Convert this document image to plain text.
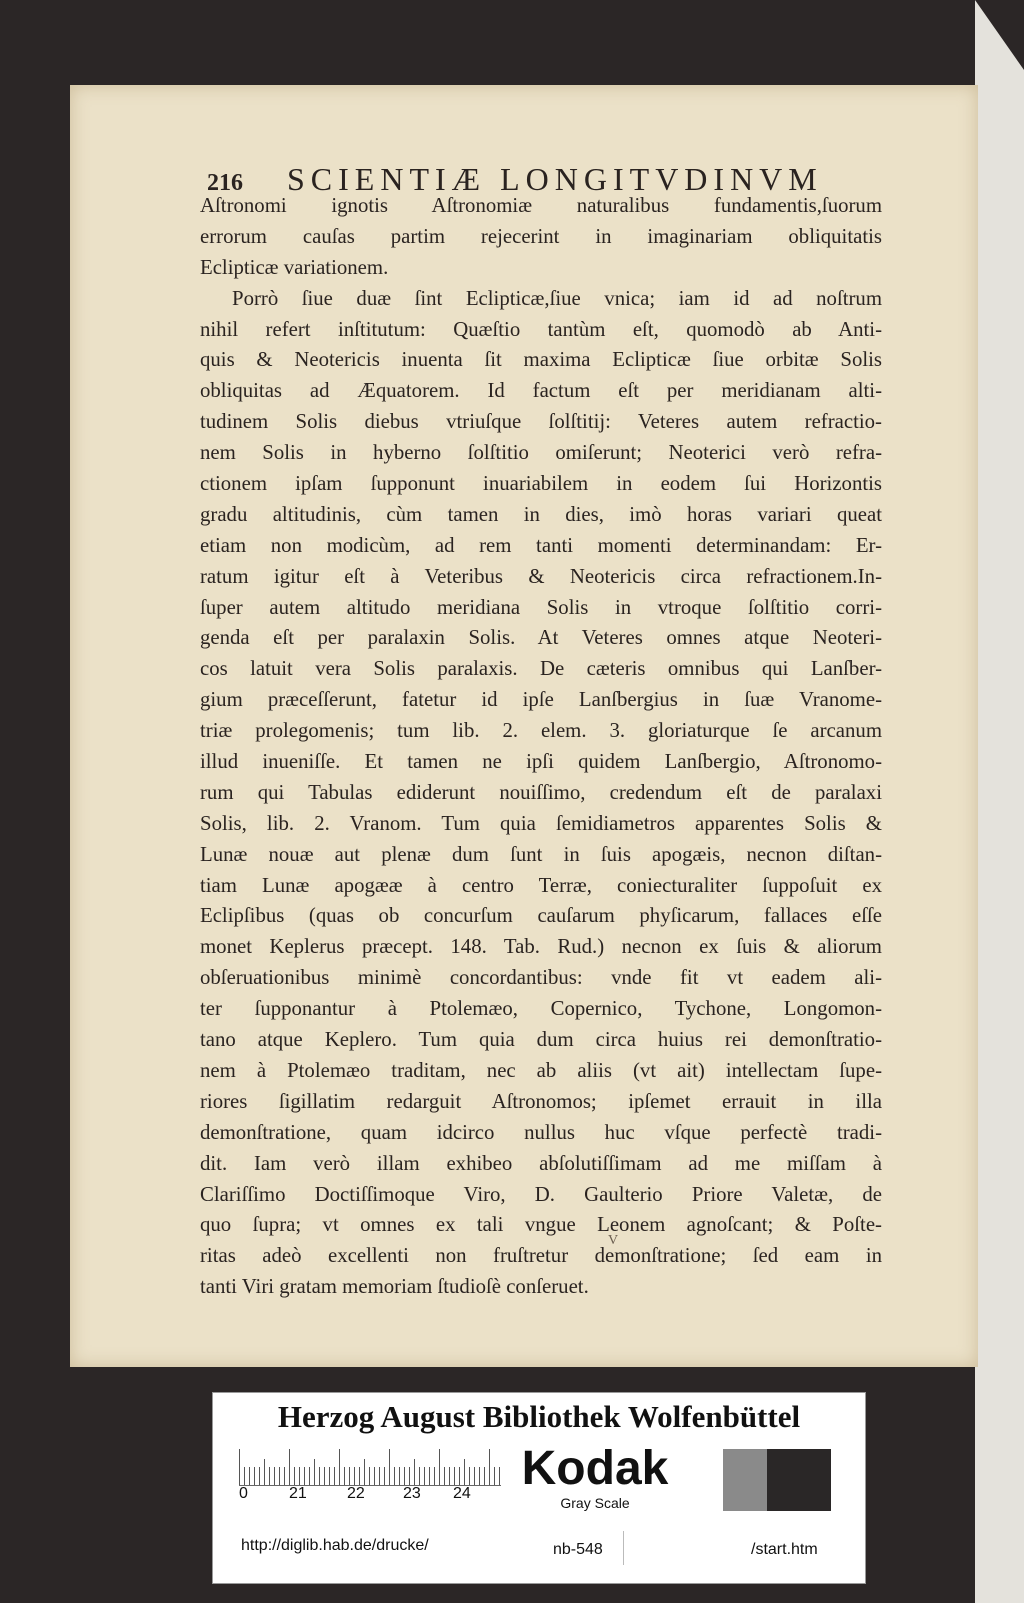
216	SCIENTIÆ LONGITVDINVM
Aſtronomi ignotis Aſtronomiæ naturalibus fundamentis,ſuorum
errorum cauſas partim rejecerint in imaginariam obliquitatis
Eclipticæ variationem.
Porrò ſiue duæ ſint Eclipticæ,ſiue vnica; iam id ad noſtrum
nihil refert inſtitutum: Quæſtio tantùm eſt, quomodò ab Anti-
quis & Neotericis inuenta ſit maxima Eclipticæ ſiue orbitæ Solis
obliquitas ad Æquatorem. Id factum eſt per meridianam alti-
tudinem Solis diebus vtriuſque ſolſtitij: Veteres autem refractio-
nem Solis in hyberno ſolſtitio omiſerunt; Neoterici verò refra-
ctionem ipſam ſupponunt inuariabilem in eodem ſui Horizontis
gradu altitudinis, cùm tamen in dies, imò horas variari queat
etiam non modicùm, ad rem tanti momenti determinandam: Er-
ratum igitur eſt à Veteribus & Neotericis circa refractionem.In-
ſuper autem altitudo meridiana Solis in vtroque ſolſtitio corri-
genda eſt per paralaxin Solis. At Veteres omnes atque Neoteri-
cos latuit vera Solis paralaxis. De cæteris omnibus qui Lanſber-
gium præceſſerunt, fatetur id ipſe Lanſbergius in ſuæ Vranome-
triæ prolegomenis; tum lib. 2. elem. 3. gloriaturque ſe arcanum
illud inueniſſe. Et tamen ne ipſi quidem Lanſbergio, Aſtronomo-
rum qui Tabulas ediderunt nouiſſimo, credendum eſt de paralaxi
Solis, lib. 2. Vranom. Tum quia ſemidiametros apparentes Solis &
Lunæ nouæ aut plenæ dum ſunt in ſuis apogæis, necnon diſtan-
tiam Lunæ apogææ à centro Terræ, coniecturaliter ſuppoſuit ex
Eclipſibus (quas ob concurſum cauſarum phyſicarum, fallaces eſſe
monet Keplerus præcept. 148. Tab. Rud.) necnon ex ſuis & aliorum
obſeruationibus minimè concordantibus: vnde fit vt eadem ali-
ter ſupponantur à Ptolemæo, Copernico, Tychone, Longomon-
tano atque Keplero. Tum quia dum circa huius rei demonſtratio-
nem à Ptolemæo traditam, nec ab aliis (vt ait) intellectam ſupe-
riores ſigillatim redarguit Aſtronomos; ipſemet errauit in illa
demonſtratione, quam idcirco nullus huc vſque perfectè tradi-
dit. Iam verò illam exhibeo abſolutiſſimam ad me miſſam à
Clariſſimo Doctiſſimoque Viro, D. Gaulterio Priore Valetæ, de
quo ſupra; vt omnes ex tali vngue Leonem agnoſcant; & Poſte-
ritas adeò excellenti non fruſtretur demonſtratione; ſed eam in
tanti Viri gratam memoriam ſtudioſè conſeruet.
V
Herzog August Bibliothek Wolfenbüttel
0	21	22 23 24 Kodak
Gray Scale
http://diglib.hab.de/drucke/	nb-548	/start.htm
